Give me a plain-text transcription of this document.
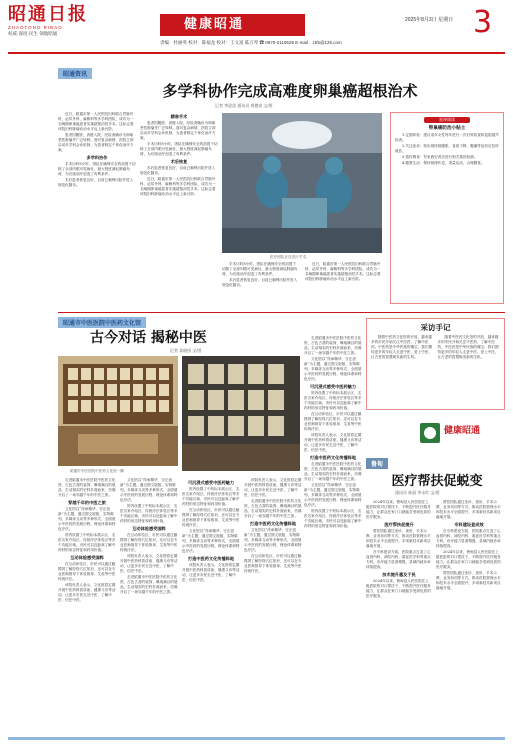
昭通日报
ZHAOTONG RIBAO
权威·深度·民生 领航昭通
健康昭通	2025年8月3日 星期日 3
责编：杜丽英 校对：陈福龙 校对：王文富 陈万琴 ☎ 0870-2110626 E-mail：ztrb@126.com
昭通资讯
多学科协作完成高难度卵巢癌超根治术
记者 李思思 通讯员 周德安 文/图

近日，昭通市第一人民医院妇科联合胃肠外科、泌尿外科、麻醉科等多学科团队，成功为一名晚期卵巢癌患者实施超根治性手术。这标志着该院妇科肿瘤诊治水平迈上新台阶。

患者因腹胀、消瘦入院，经检查确诊为卵巢恶性肿瘤并广泛转移。面对复杂病情，医院立即启动多学科会诊机制，为患者制定个体化治疗方案。

多学科协作

手术历时8小时，团队在确保安全的前提下切除了全部肉眼可见病灶，最大程度减轻肿瘤负荷，为后续治疗创造了有利条件。

术后患者恢复良好，目前已顺利出院并进入规范化随访。

精准手术

患者因腹胀、消瘦入院，经检查确诊为卵巢恶性肿瘤并广泛转移。面对复杂病情，医院立即启动多学科会诊机制，为患者制定个体化治疗方案。

手术历时8小时，团队在确保安全的前提下切除了全部肉眼可见病灶，最大程度减轻肿瘤负荷，为后续治疗创造了有利条件。

术后恢复

术后患者恢复良好，目前已顺利出院并进入规范化随访。

近日，昭通市第一人民医院妇科联合胃肠外科、泌尿外科、麻醉科等多学科团队，成功为一名晚期卵巢癌患者实施超根治性手术。这标志着该院妇科肿瘤诊治水平迈上新台阶。

医疗团队正在进行手术。
延伸阅读
卵巢癌防治小贴士

1.定期体检：建议成年女性每年进行一次妇科检查和盆腔超声检查。

2.关注症状：如出现持续腹胀、食欲下降、腹痛等症状应及时就医。

3.遗传筛查：有家族史者应进行相关基因检测。

4.健康生活：保持规律作息，适量运动，合理膳食。

手术历时8小时，团队在确保安全的前提下切除了全部肉眼可见病灶，最大程度减轻肿瘤负荷，为后续治疗创造了有利条件。

术后患者恢复良好，目前已顺利出院并进入规范化随访。

近日，昭通市第一人民医院妇科联合胃肠外科、泌尿外科、麻醉科等多学科团队，成功为一名晚期卵巢癌患者实施超根治性手术。这标志着该院妇科肿瘤诊治水平迈上新台阶。

昭通市中医医院中医药文化馆
古今对话 揭秘中医
记者 姜晓彤 文/图
昭通市中医医院中医药文化馆一隅

走进昭通市中医医院中医药文化馆，古色古香的装饰、琳琅满目的展品、生动翔实的史料扑面而来，仿佛开启了一场穿越千年的中医之旅。

穿越千年的中医之旅

文化馆以“传承精华、守正创新”为主题，通过图文展板、实物陈列、多媒体互动等多种形式，全面展示中医药的发展历程、理论体系和特色疗法。

馆内设置了中药标本展示区、名医名家介绍区、传统疗法体验区等多个功能区域，市民可以近距离了解中药材的形态特征和药用价值。

互动体验感受国粹

在互动体验区，市民可以通过触摸屏了解经络穴位知识，还可以在专业医师指导下体验推拿、艾灸等中医传统疗法。

该院负责人表示，文化馆将定期开展中医药科普讲座、健康义诊等活动，让更多市民走近中医、了解中医、信任中医。

文化馆以“传承精华、守正创新”为主题，通过图文展板、实物陈列、多媒体互动等多种形式，全面展示中医药的发展历程、理论体系和特色疗法。

馆内设置了中药标本展示区、名医名家介绍区、传统疗法体验区等多个功能区域，市民可以近距离了解中药材的形态特征和药用价值。

互动体验感受国粹

在互动体验区，市民可以通过触摸屏了解经络穴位知识，还可以在专业医师指导下体验推拿、艾灸等中医传统疗法。

该院负责人表示，文化馆将定期开展中医药科普讲座、健康义诊等活动，让更多市民走近中医、了解中医、信任中医。

走进昭通市中医医院中医药文化馆，古色古香的装饰、琳琅满目的展品、生动翔实的史料扑面而来，仿佛开启了一场穿越千年的中医之旅。

可沉浸式感受中医药魅力

馆内设置了中药标本展示区、名医名家介绍区、传统疗法体验区等多个功能区域，市民可以近距离了解中药材的形态特征和药用价值。

在互动体验区，市民可以通过触摸屏了解经络穴位知识，还可以在专业医师指导下体验推拿、艾灸等中医传统疗法。

文化馆以“传承精华、守正创新”为主题，通过图文展板、实物陈列、多媒体互动等多种形式，全面展示中医药的发展历程、理论体系和特色疗法。

打造中医药文化传播阵地

该院负责人表示，文化馆将定期开展中医药科普讲座、健康义诊等活动，让更多市民走近中医、了解中医、信任中医。

该院负责人表示，文化馆将定期开展中医药科普讲座、健康义诊等活动，让更多市民走近中医、了解中医、信任中医。

走进昭通市中医医院中医药文化馆，古色古香的装饰、琳琅满目的展品、生动翔实的史料扑面而来，仿佛开启了一场穿越千年的中医之旅。

打造中医药文化传播阵地

文化馆以“传承精华、守正创新”为主题，通过图文展板、实物陈列、多媒体互动等多种形式，全面展示中医药的发展历程、理论体系和特色疗法。

在互动体验区，市民可以通过触摸屏了解经络穴位知识，还可以在专业医师指导下体验推拿、艾灸等中医传统疗法。

走进昭通市中医医院中医药文化馆，古色古香的装饰、琳琅满目的展品、生动翔实的史料扑面而来，仿佛开启了一场穿越千年的中医之旅。

文化馆以“传承精华、守正创新”为主题，通过图文展板、实物陈列、多媒体互动等多种形式，全面展示中医药的发展历程、理论体系和特色疗法。

可沉浸式感受中医药魅力

馆内设置了中药标本展示区、名医名家介绍区、传统疗法体验区等多个功能区域，市民可以近距离了解中药材的形态特征和药用价值。

在互动体验区，市民可以通过触摸屏了解经络穴位知识，还可以在专业医师指导下体验推拿、艾灸等中医传统疗法。

该院负责人表示，文化馆将定期开展中医药科普讲座、健康义诊等活动，让更多市民走近中医、了解中医、信任中医。

打造中医药文化传播阵地

走进昭通市中医医院中医药文化馆，古色古香的装饰、琳琅满目的展品、生动翔实的史料扑面而来，仿佛开启了一场穿越千年的中医之旅。

文化馆以“传承精华、守正创新”为主题，通过图文展板、实物陈列、多媒体互动等多种形式，全面展示中医药的发展历程、理论体系和特色疗法。

馆内设置了中药标本展示区、名医名家介绍区、传统疗法体验区等多个功能区域，市民可以近距离了解中药材的形态特征和药用价值。

采访手记

随着中医药文化馆的开放，越来越多的市民开始关注中医药、了解中医药。中医药是中华民族的瑰宝，我们期待更多的年轻人走进中医、爱上中医，让古老的智慧焕发新的生机。

随着中医药文化馆的开放，越来越多的市民开始关注中医药、了解中医药。中医药是中华民族的瑰宝，我们期待更多的年轻人走进中医、爱上中医，让古老的智慧焕发新的生机。

健康昭通
鲁甸
医疗帮扶促蜕变
通讯员 陈丽 李永红 文/图

2024年以来，鲁甸县人民医院在上级医院的对口帮扶下，不断提升医疗服务能力，让群众在家门口就能享受到优质的医疗服务。

医疗帮扶促提升

帮扶团队通过坐诊、查房、手术示教、业务培训等方式，推动医院管理水平和技术水平全面提升，多项新技术新项目落地开展。

在专科建设方面，医院重点打造了心血管内科、神经内科、重症医学科等重点专科，诊疗能力显著增强，县域内就诊率持续提高。

技术提升惠及于民

2024年以来，鲁甸县人民医院在上级医院的对口帮扶下，不断提升医疗服务能力，让群众在家门口就能享受到优质的医疗服务。

帮扶团队通过坐诊、查房、手术示教、业务培训等方式，推动医院管理水平和技术水平全面提升，多项新技术新项目落地开展。

专科建设显成效

在专科建设方面，医院重点打造了心血管内科、神经内科、重症医学科等重点专科，诊疗能力显著增强，县域内就诊率持续提高。

2024年以来，鲁甸县人民医院在上级医院的对口帮扶下，不断提升医疗服务能力，让群众在家门口就能享受到优质的医疗服务。

帮扶团队通过坐诊、查房、手术示教、业务培训等方式，推动医院管理水平和技术水平全面提升，多项新技术新项目落地开展。
